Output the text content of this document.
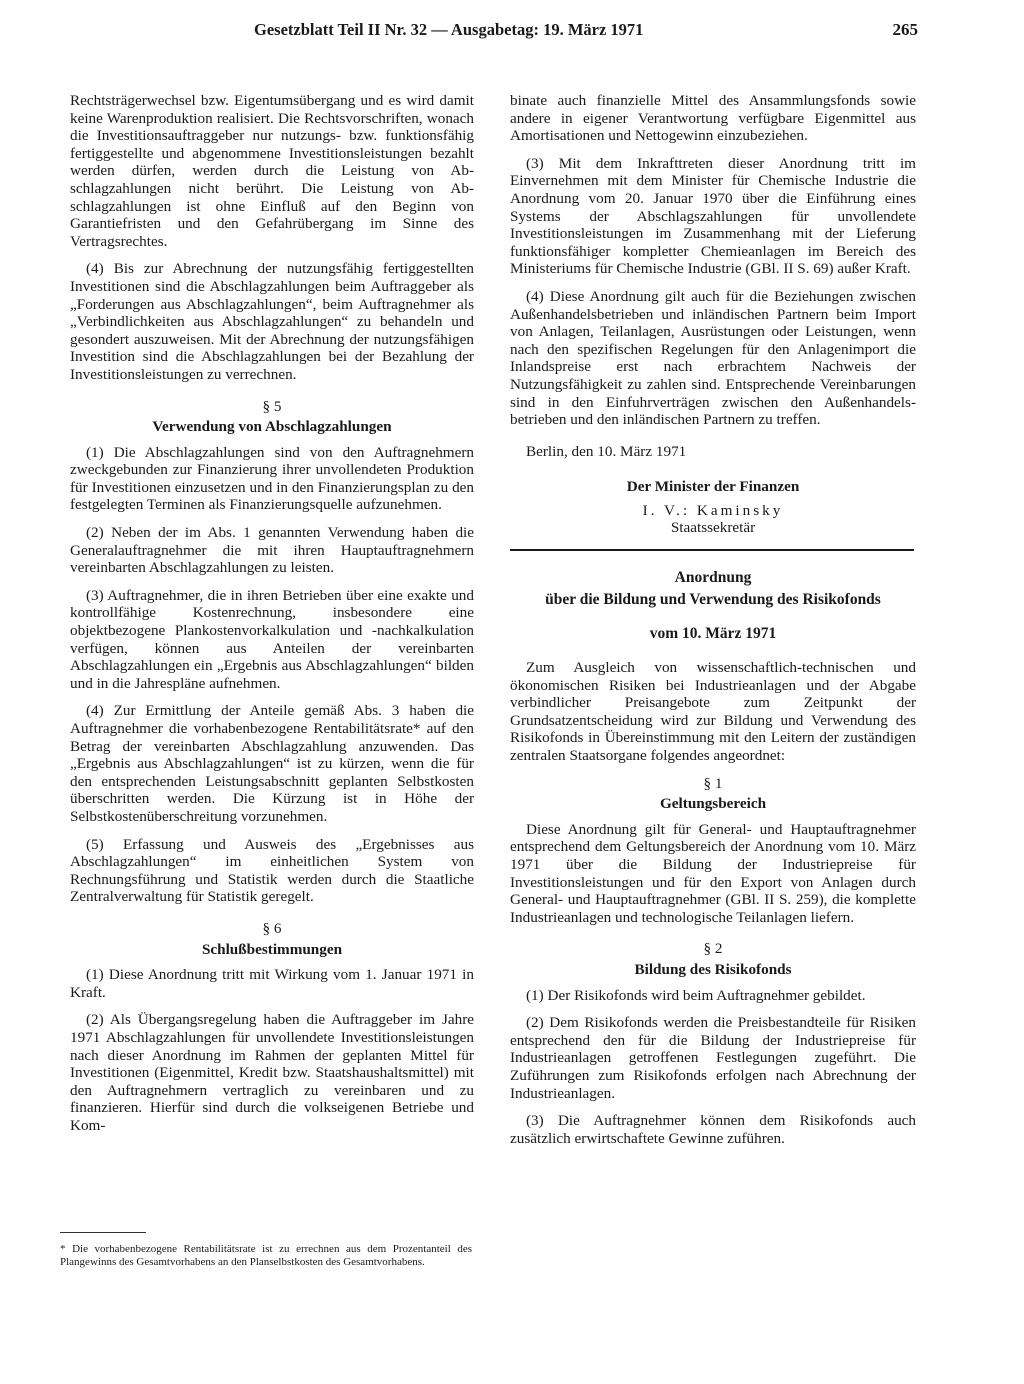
Gesetzblatt Teil II Nr. 32 — Ausgabetag: 19. März 1971	265

Rechtsträgerwechsel bzw. Eigentumsübergang und es wird damit keine Warenproduktion realisiert. Die Rechtsvorschriften, wonach die Investitionsauftraggeber nur nutzungs- bzw. funktionsfähig fertiggestellte und abgenommene Investitionsleistungen bezahlt werden dürfen, werden durch die Leistung von Abschlagzahlungen nicht berührt. Die Leistung von Abschlagzahlungen ist ohne Einfluß auf den Beginn von Garantiefristen und den Gefahrübergang im Sinne des Vertragsrechtes.

(4) Bis zur Abrechnung der nutzungsfähig fertiggestellten Investitionen sind die Abschlagzahlungen beim Auftraggeber als „Forderungen aus Abschlagzahlungen“, beim Auftragnehmer als „Verbindlichkeiten aus Abschlagzahlungen“ zu behandeln und gesondert auszuweisen. Mit der Abrechnung der nutzungsfähigen Investition sind die Abschlagzahlungen bei der Bezahlung der Investitionsleistungen zu verrechnen.

§ 5

Verwendung von Abschlagzahlungen

(1) Die Abschlagzahlungen sind von den Auftragnehmern zweckgebunden zur Finanzierung ihrer unvollendeten Produktion für Investitionen einzusetzen und in den Finanzierungsplan zu den festgelegten Terminen als Finanzierungsquelle aufzunehmen.

(2) Neben der im Abs. 1 genannten Verwendung haben die Generalauftragnehmer die mit ihren Hauptauftragnehmern vereinbarten Abschlagzahlungen zu leisten.

(3) Auftragnehmer, die in ihren Betrieben über eine exakte und kontrollfähige Kostenrechnung, insbesondere eine objektbezogene Plankostenvorkalkulation und -nachkalkulation verfügen, können aus Anteilen der vereinbarten Abschlagzahlungen ein „Ergebnis aus Abschlagzahlungen“ bilden und in die Jahrespläne aufnehmen.

(4) Zur Ermittlung der Anteile gemäß Abs. 3 haben die Auftragnehmer die vorhabenbezogene Rentabilitätsrate* auf den Betrag der vereinbarten Abschlagzahlung anzuwenden. Das „Ergebnis aus Abschlagzahlungen“ ist zu kürzen, wenn die für den entsprechenden Leistungsabschnitt geplanten Selbstkosten überschritten werden. Die Kürzung ist in Höhe der Selbstkostenüberschreitung vorzunehmen.

(5) Erfassung und Ausweis des „Ergebnisses aus Abschlagzahlungen“ im einheitlichen System von Rechnungsführung und Statistik werden durch die Staatliche Zentralverwaltung für Statistik geregelt.

§ 6

Schlußbestimmungen

(1) Diese Anordnung tritt mit Wirkung vom 1. Januar 1971 in Kraft.

(2) Als Übergangsregelung haben die Auftraggeber im Jahre 1971 Abschlagzahlungen für unvollendete Investitionsleistungen nach dieser Anordnung im Rahmen der geplanten Mittel für Investitionen (Eigenmittel, Kredit bzw. Staatshaushaltsmittel) mit den Auftragnehmern vertraglich zu vereinbaren und zu finanzieren. Hierfür sind durch die volkseigenen Betriebe und Kom-

* Die vorhabenbezogene Rentabilitätsrate ist zu errechnen aus dem Prozentanteil des Plangewinns des Gesamtvorhabens an den Planselbstkosten des Gesamtvorhabens.

binate auch finanzielle Mittel des Ansammlungsfonds sowie andere in eigener Verantwortung verfügbare Eigenmittel aus Amortisationen und Nettogewinn einzubeziehen.

(3) Mit dem Inkrafttreten dieser Anordnung tritt im Einvernehmen mit dem Minister für Chemische Industrie die Anordnung vom 20. Januar 1970 über die Einführung eines Systems der Abschlagszahlungen für unvollendete Investitionsleistungen im Zusammenhang mit der Lieferung funktionsfähiger kompletter Chemieanlagen im Bereich des Ministeriums für Chemische Industrie (GBl. II S. 69) außer Kraft.

(4) Diese Anordnung gilt auch für die Beziehungen zwischen Außenhandelsbetrieben und inländischen Partnern beim Import von Anlagen, Teilanlagen, Ausrüstungen oder Leistungen, wenn nach den spezifischen Regelungen für den Anlagenimport die Inlandspreise erst nach erbrachtem Nachweis der Nutzungsfähigkeit zu zahlen sind. Entsprechende Vereinbarungen sind in den Einfuhrverträgen zwischen den Außenhandelsbetrieben und den inländischen Partnern zu treffen.

Berlin, den 10. März 1971

Der Minister der Finanzen

I. V.: Kaminsky

Staatssekretär

Anordnung

über die Bildung und Verwendung des Risikofonds

vom 10. März 1971

Zum Ausgleich von wissenschaftlich-technischen und ökonomischen Risiken bei Industrieanlagen und der Abgabe verbindlicher Preisangebote zum Zeitpunkt der Grundsatzentscheidung wird zur Bildung und Verwendung des Risikofonds in Übereinstimmung mit den Leitern der zuständigen zentralen Staatsorgane folgendes angeordnet:

§ 1

Geltungsbereich

Diese Anordnung gilt für General- und Hauptauftragnehmer entsprechend dem Geltungsbereich der Anordnung vom 10. März 1971 über die Bildung der Industriepreise für Investitionsleistungen und für den Export von Anlagen durch General- und Hauptauftragnehmer (GBl. II S. 259), die komplette Industrieanlagen und technologische Teilanlagen liefern.

§ 2

Bildung des Risikofonds

(1) Der Risikofonds wird beim Auftragnehmer gebildet.

(2) Dem Risikofonds werden die Preisbestandteile für Risiken entsprechend den für die Bildung der Industriepreise für Industrieanlagen getroffenen Festlegungen zugeführt. Die Zuführungen zum Risikofonds erfolgen nach Abrechnung der Industrieanlagen.

(3) Die Auftragnehmer können dem Risikofonds auch zusätzlich erwirtschaftete Gewinne zuführen.
